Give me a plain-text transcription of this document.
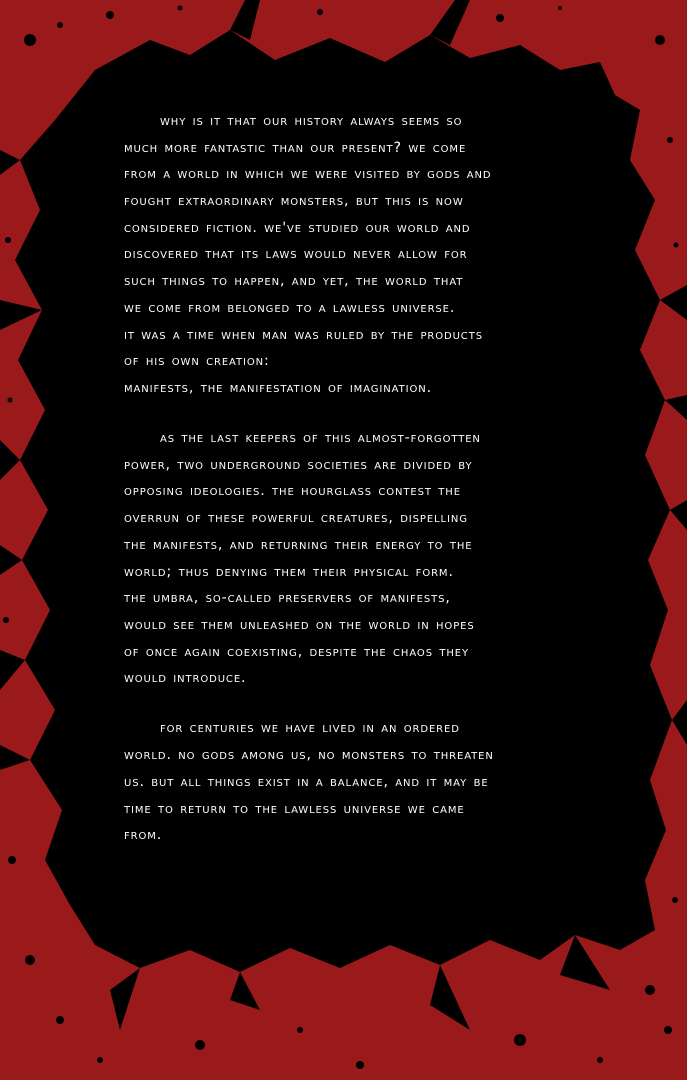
why is it that our history always seems so
much more fantastic than our present? we come
from a world in which we were visited by gods and
fought extraordinary monsters, but this is now
considered fiction. we've studied our world and
discovered that its laws would never allow for
such things to happen, and yet, the world that
we come from belonged to a lawless universe.
it was a time when man was ruled by the products
of his own creation:
manifests, the manifestation of imagination.
as the last keepers of this almost-forgotten
power, two underground societies are divided by
opposing ideologies. the hourglass contest the
overrun of these powerful creatures, dispelling
the manifests, and returning their energy to the
world; thus denying them their physical form.
the umbra, so-called preservers of manifests,
would see them unleashed on the world in hopes
of once again coexisting, despite the chaos they
would introduce.
for centuries we have lived in an ordered
world. no gods among us, no monsters to threaten
us. but all things exist in a balance, and it may be
time to return to the lawless universe we came
from.
